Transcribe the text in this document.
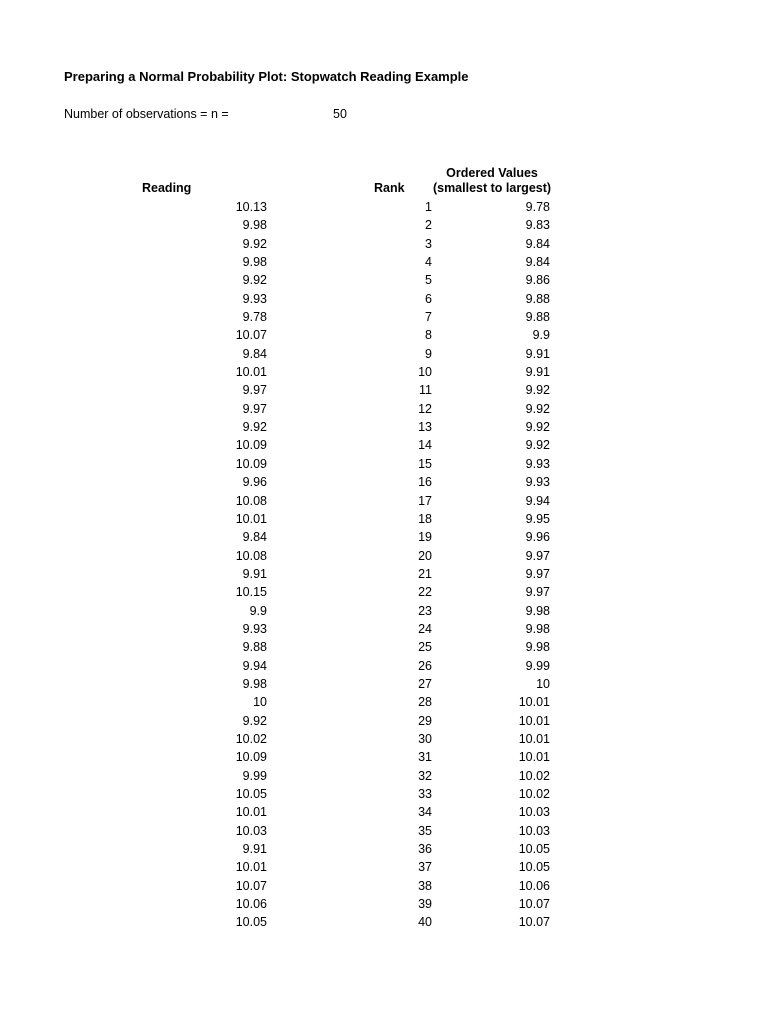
Preparing a Normal Probability Plot: Stopwatch Reading Example
Number of observations = n =	50
Reading	Rank
Ordered Values
(smallest to largest)
10.13	1	9.78
9.98	2	9.83
9.92	3	9.84
9.98	4	9.84
9.92	5	9.86
9.93	6	9.88
9.78	7	9.88
10.07	8	9.9
9.84	9	9.91
10.01	10	9.91
9.97	11	9.92
9.97	12	9.92
9.92	13	9.92
10.09	14	9.92
10.09	15	9.93
9.96	16	9.93
10.08	17	9.94
10.01	18	9.95
9.84	19	9.96
10.08	20	9.97
9.91	21	9.97
10.15	22	9.97
9.9	23	9.98
9.93	24	9.98
9.88	25	9.98
9.94	26	9.99
9.98	27	10
10	28	10.01
9.92	29	10.01
10.02	30	10.01
10.09	31	10.01
9.99	32	10.02
10.05	33	10.02
10.01	34	10.03
10.03	35	10.03
9.91	36	10.05
10.01	37	10.05
10.07	38	10.06
10.06	39	10.07
10.05	40	10.07
